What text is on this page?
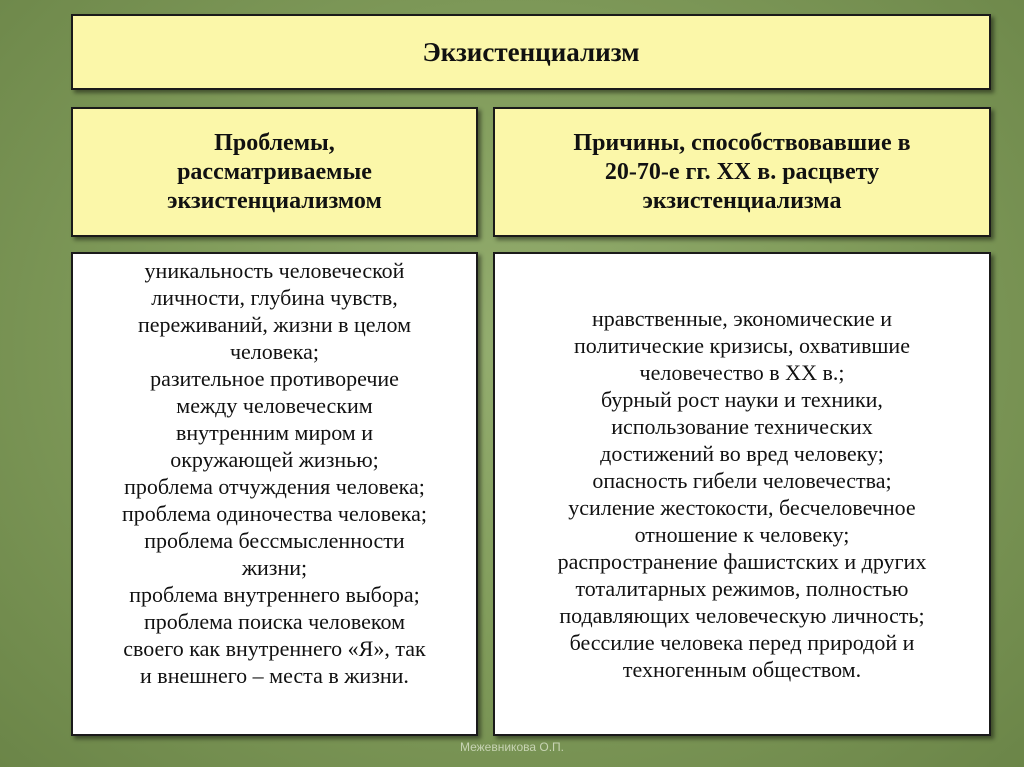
Экзистенциализм
Проблемы,
рассматриваемые
экзистенциализмом
Причины, способствовавшие в
20-70-е гг. XX в. расцвету
экзистенциализма
уникальность человеческой
личности, глубина чувств,
переживаний, жизни в целом
человека;
разительное противоречие
между человеческим
внутренним миром и
окружающей жизнью;
проблема отчуждения человека;
проблема одиночества человека;
проблема бессмысленности
жизни;
проблема внутреннего выбора;
проблема поиска человеком
своего как внутреннего «Я», так
и внешнего – места в жизни.
нравственные, экономические и
политические кризисы, охватившие
человечество в XX в.;
бурный рост науки и техники,
использование технических
достижений во вред человеку;
опасность гибели человечества;
усиление жестокости, бесчеловечное
отношение к человеку;
распространение фашистских и других
тоталитарных режимов, полностью
подавляющих человеческую личность;
бессилие человека перед природой и
техногенным обществом.
Межевникова О.П.
